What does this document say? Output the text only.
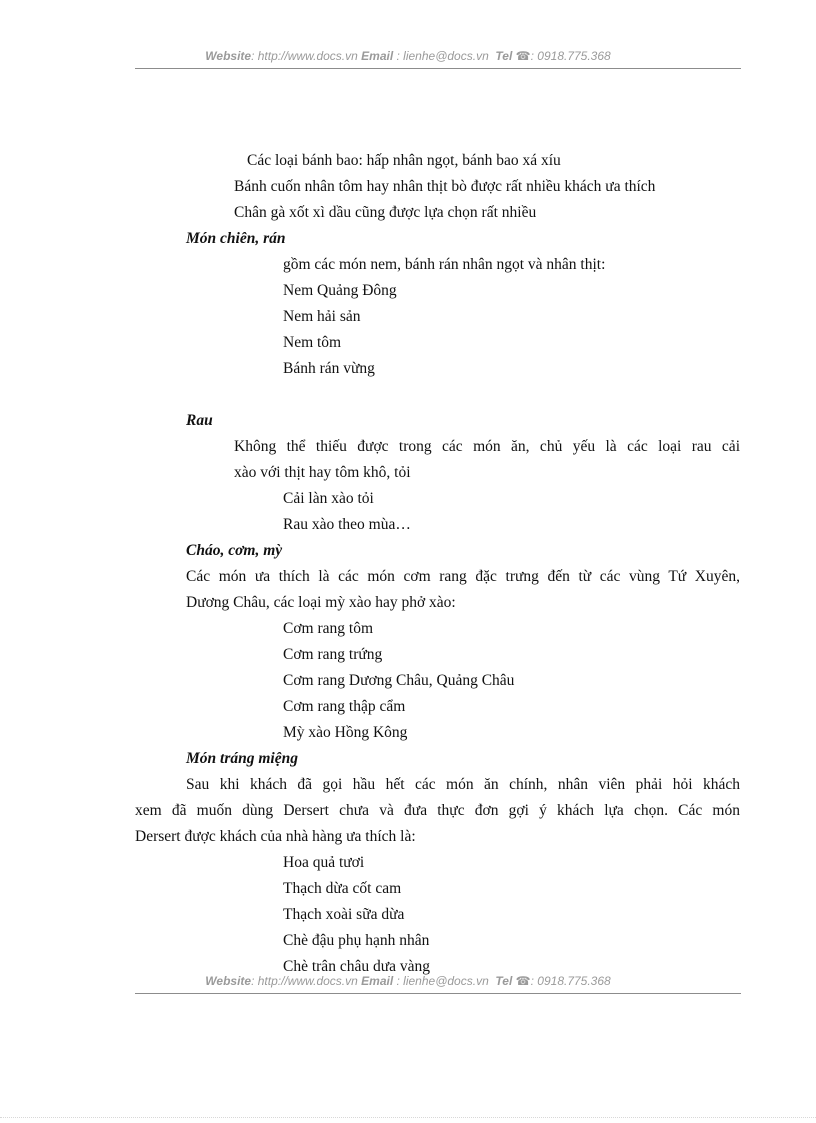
Website: http://www.docs.vn Email : lienhe@docs.vn Tel ☎: 0918.775.368
Các loại bánh bao: hấp nhân ngọt, bánh bao xá xíu
Bánh cuốn nhân tôm hay nhân thịt bò được rất nhiều khách ưa thích
Chân gà xốt xì dầu cũng được lựa chọn rất nhiều
Món chiên, rán
gồm các món nem, bánh rán nhân ngọt và nhân thịt:
Nem Quảng Đông
Nem hải sản
Nem tôm
Bánh rán vừng
Rau
Không thể thiếu được trong các món ăn, chủ yếu là các loại rau cải
xào với thịt hay tôm khô, tỏi
Cải làn xào tỏi
Rau xào theo mùa…
Cháo, cơm, mỳ
Các món ưa thích là các món cơm rang đặc trưng đến từ các vùng Tứ Xuyên,
Dương Châu, các loại mỳ xào hay phở xào:
Cơm rang tôm
Cơm rang trứng
Cơm rang Dương Châu, Quảng Châu
Cơm rang thập cẩm
Mỳ xào Hồng Kông
Món tráng miệng
Sau khi khách đã gọi hầu hết các món ăn chính, nhân viên phải hỏi khách
xem đã muốn dùng Dersert chưa và đưa thực đơn gợi ý khách lựa chọn. Các món
Dersert được khách của nhà hàng ưa thích là:
Hoa quả tươi
Thạch dừa cốt cam
Thạch xoài sữa dừa
Chè đậu phụ hạnh nhân
Chè trân châu dưa vàng
Website: http://www.docs.vn Email : lienhe@docs.vn Tel ☎: 0918.775.368
